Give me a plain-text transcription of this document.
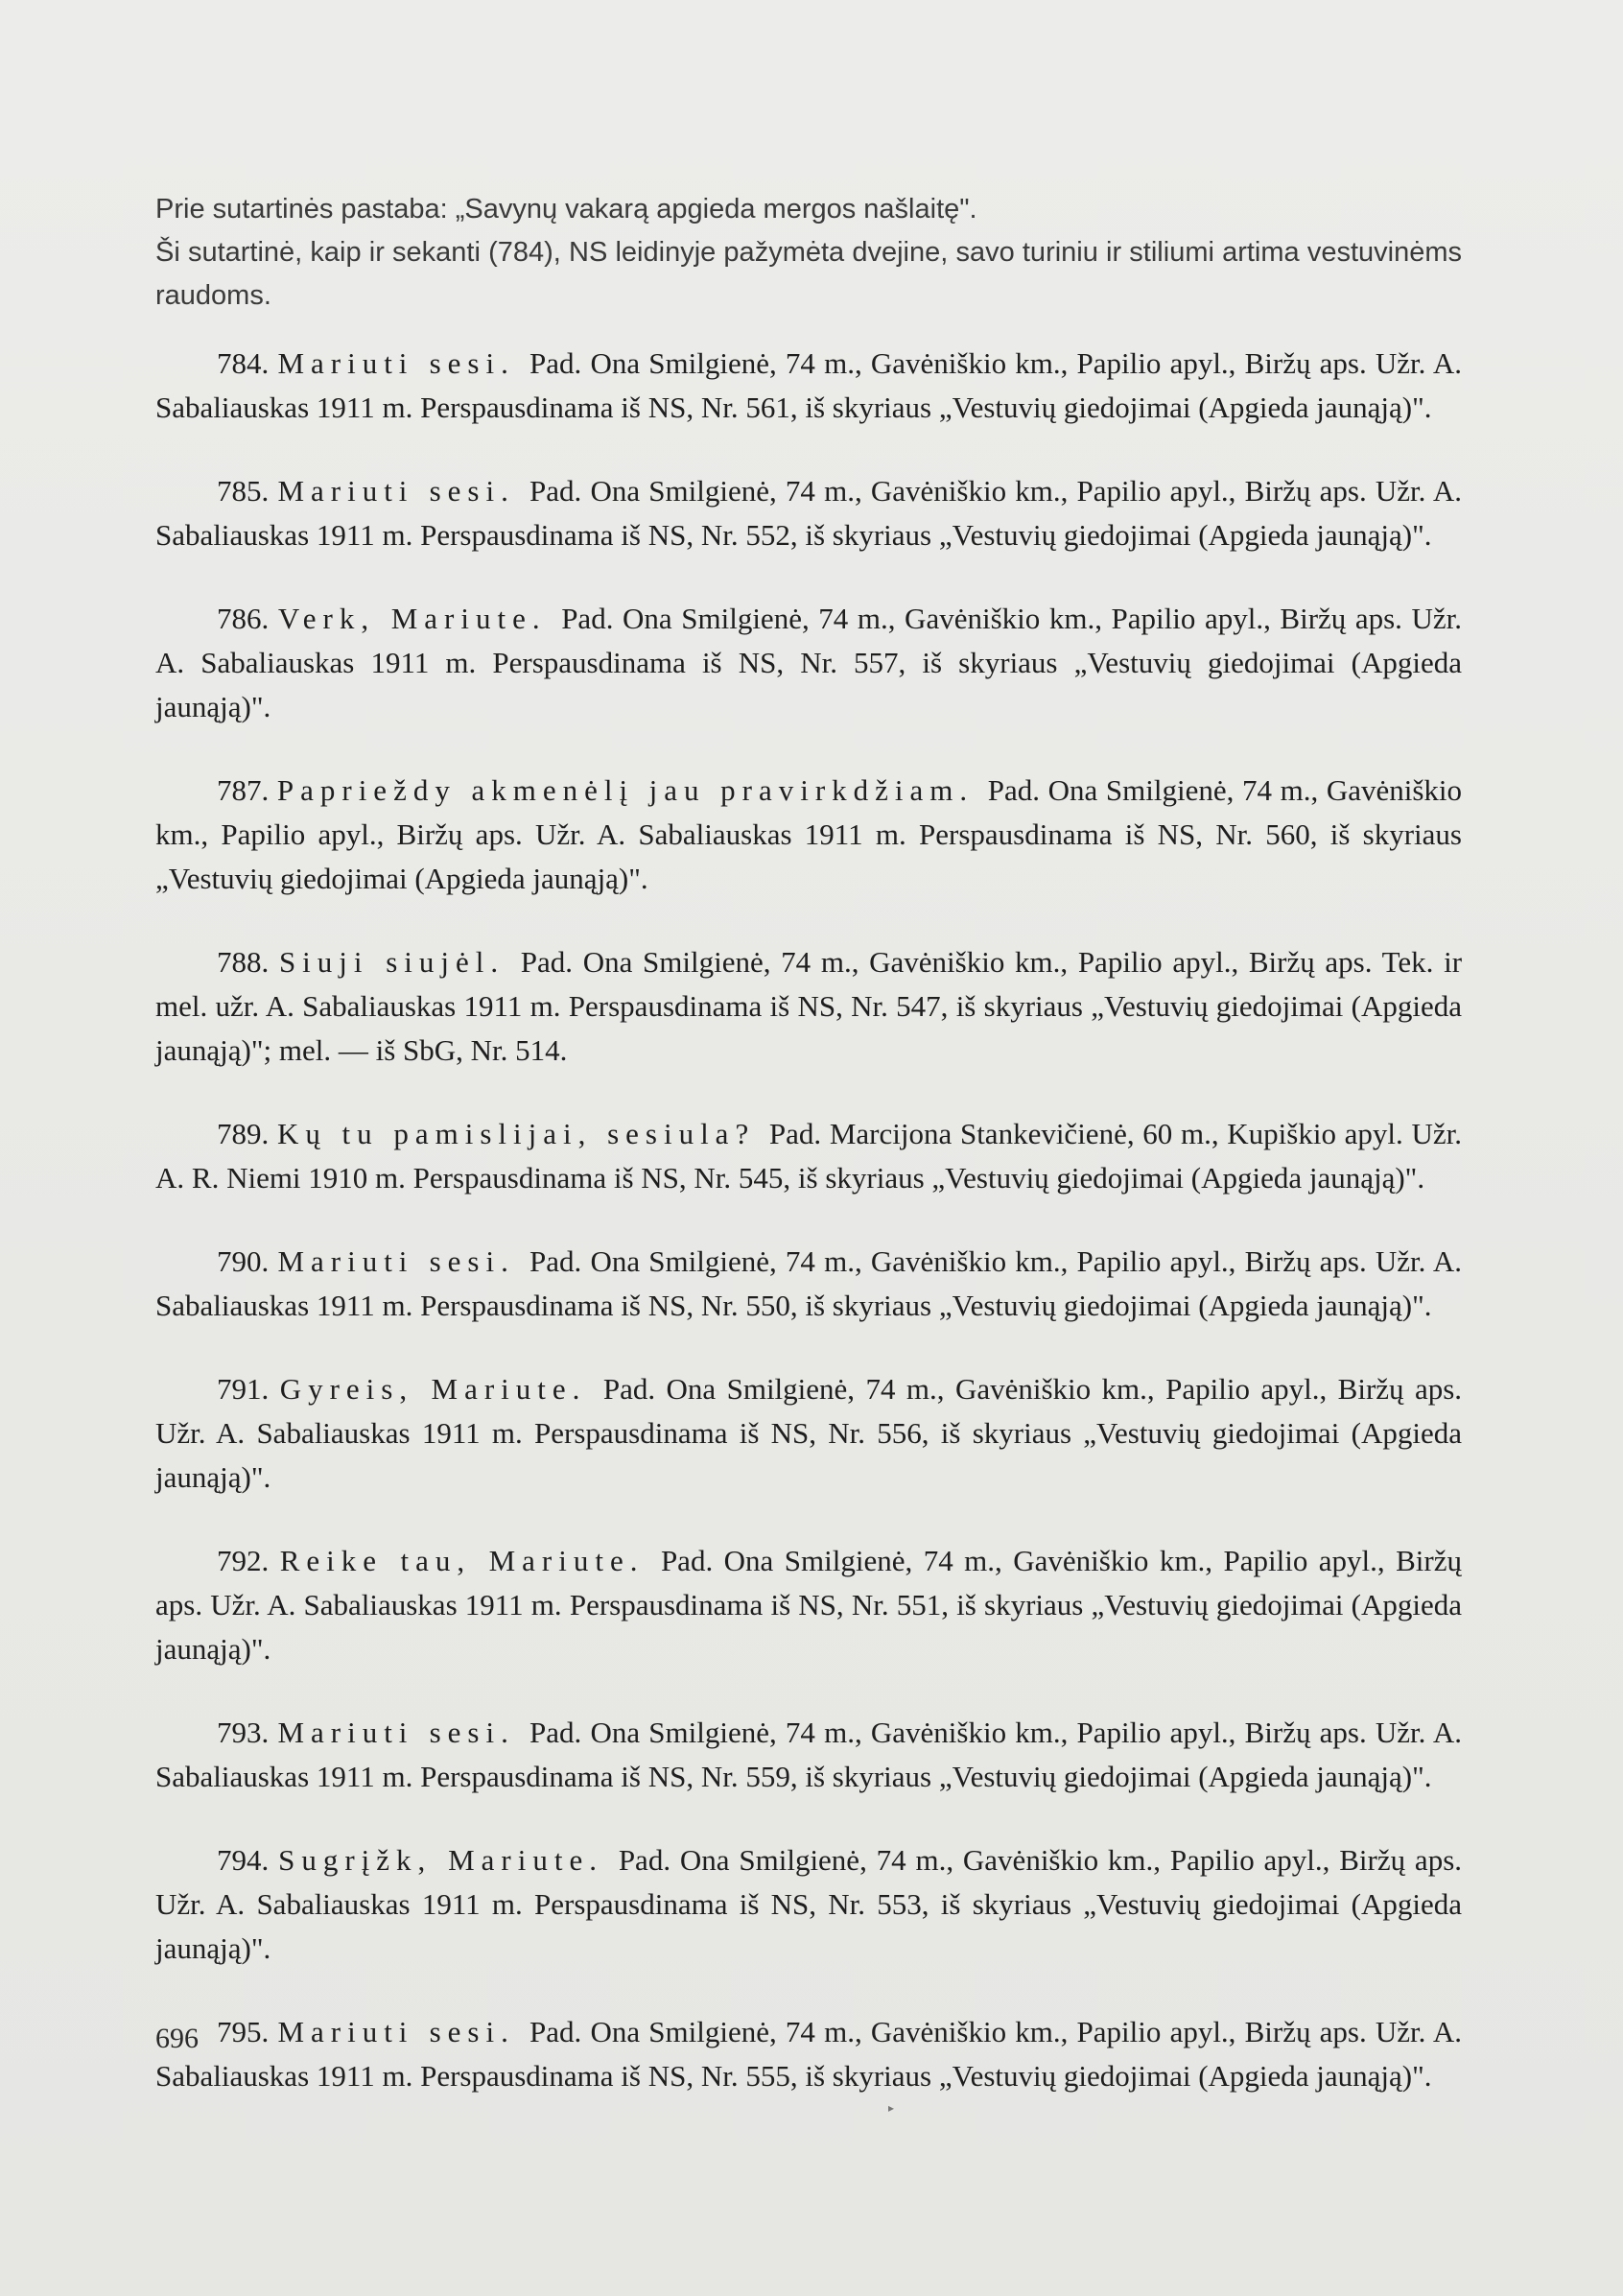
Prie sutartinės pastaba: „Savynų vakarą apgieda mergos našlaitę".

Ši sutartinė, kaip ir sekanti (784), NS leidinyje pažymėta dvejine, savo turiniu ir stiliumi artima vestuvinėms raudoms.

784. Mariuti sesi. Pad. Ona Smilgienė, 74 m., Gavėniškio km., Papilio apyl., Biržų aps. Užr. A. Sabaliauskas 1911 m. Perspausdinama iš NS, Nr. 561, iš skyriaus „Vestuvių giedojimai (Apgieda jaunąją)".

785. Mariuti sesi. Pad. Ona Smilgienė, 74 m., Gavėniškio km., Papilio apyl., Biržų aps. Užr. A. Sabaliauskas 1911 m. Perspausdinama iš NS, Nr. 552, iš skyriaus „Vestuvių giedojimai (Apgieda jaunąją)".

786. Verk, Mariute. Pad. Ona Smilgienė, 74 m., Gavėniškio km., Papilio apyl., Biržų aps. Užr. A. Sabaliauskas 1911 m. Perspausdinama iš NS, Nr. 557, iš skyriaus „Vestuvių giedojimai (Apgieda jaunąją)".

787. Paprieždy akmenėlį jau pravirkdžiam. Pad. Ona Smilgienė, 74 m., Gavėniškio km., Papilio apyl., Biržų aps. Užr. A. Sabaliauskas 1911 m. Perspausdinama iš NS, Nr. 560, iš skyriaus „Vestuvių giedojimai (Apgieda jaunąją)".

788. Siuji siujėl. Pad. Ona Smilgienė, 74 m., Gavėniškio km., Papilio apyl., Biržų aps. Tek. ir mel. užr. A. Sabaliauskas 1911 m. Perspausdinama iš NS, Nr. 547, iš skyriaus „Vestuvių giedojimai (Apgieda jaunąją)"; mel. — iš SbG, Nr. 514.

789. Kų tu pamislijai, sesiula? Pad. Marcijona Stankevičienė, 60 m., Kupiškio apyl. Užr. A. R. Niemi 1910 m. Perspausdinama iš NS, Nr. 545, iš skyriaus „Vestuvių giedojimai (Apgieda jaunąją)".

790. Mariuti sesi. Pad. Ona Smilgienė, 74 m., Gavėniškio km., Papilio apyl., Biržų aps. Užr. A. Sabaliauskas 1911 m. Perspausdinama iš NS, Nr. 550, iš skyriaus „Vestuvių giedojimai (Apgieda jaunąją)".

791. Gyreis, Mariute. Pad. Ona Smilgienė, 74 m., Gavėniškio km., Papilio apyl., Biržų aps. Užr. A. Sabaliauskas 1911 m. Perspausdinama iš NS, Nr. 556, iš skyriaus „Vestuvių giedojimai (Apgieda jaunąją)".

792. Reike tau, Mariute. Pad. Ona Smilgienė, 74 m., Gavėniškio km., Papilio apyl., Biržų aps. Užr. A. Sabaliauskas 1911 m. Perspausdinama iš NS, Nr. 551, iš skyriaus „Vestuvių giedojimai (Apgieda jaunąją)".

793. Mariuti sesi. Pad. Ona Smilgienė, 74 m., Gavėniškio km., Papilio apyl., Biržų aps. Užr. A. Sabaliauskas 1911 m. Perspausdinama iš NS, Nr. 559, iš skyriaus „Vestuvių giedojimai (Apgieda jaunąją)".

794. Sugrįžk, Mariute. Pad. Ona Smilgienė, 74 m., Gavėniškio km., Papilio apyl., Biržų aps. Užr. A. Sabaliauskas 1911 m. Perspausdinama iš NS, Nr. 553, iš skyriaus „Vestuvių giedojimai (Apgieda jaunąją)".

795. Mariuti sesi. Pad. Ona Smilgienė, 74 m., Gavėniškio km., Papilio apyl., Biržų aps. Užr. A. Sabaliauskas 1911 m. Perspausdinama iš NS, Nr. 555, iš skyriaus „Vestuvių giedojimai (Apgieda jaunąją)".

696
▸
